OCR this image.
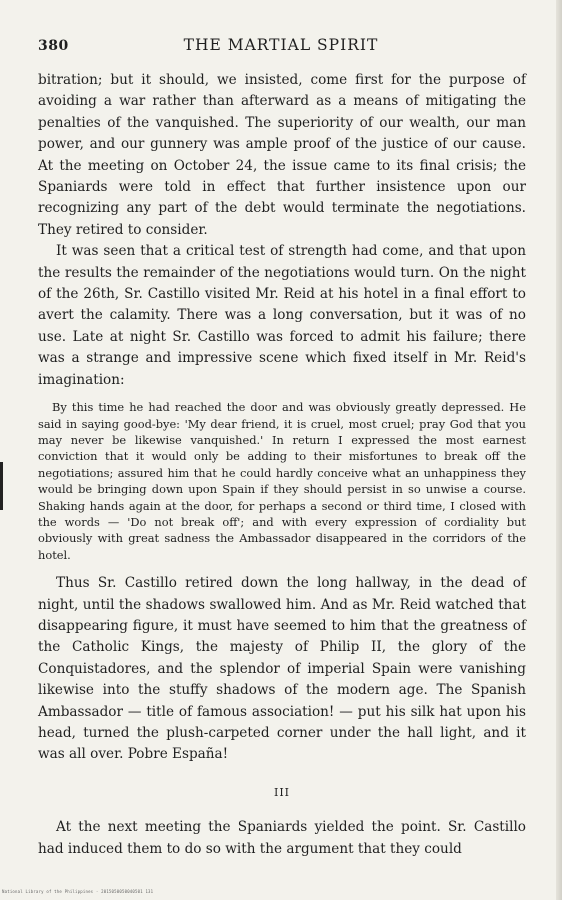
380	THE MARTIAL SPIRIT

bitration; but it should, we insisted, come first for the purpose of avoiding a war rather than afterward as a means of mitigating the penalties of the vanquished. The superiority of our wealth, our man power, and our gunnery was ample proof of the justice of our cause. At the meeting on October 24, the issue came to its final crisis; the Spaniards were told in effect that further insistence upon our recognizing any part of the debt would terminate the negotiations. They retired to consider.

It was seen that a critical test of strength had come, and that upon the results the remainder of the negotiations would turn. On the night of the 26th, Sr. Castillo visited Mr. Reid at his hotel in a final effort to avert the calamity. There was a long conversation, but it was of no use. Late at night Sr. Castillo was forced to admit his failure; there was a strange and impressive scene which fixed itself in Mr. Reid's imagination:

By this time he had reached the door and was obviously greatly depressed. He said in saying good-bye: 'My dear friend, it is cruel, most cruel; pray God that you may never be likewise vanquished.' In return I expressed the most earnest conviction that it would only be adding to their misfortunes to break off the negotiations; assured him that he could hardly conceive what an unhappiness they would be bringing down upon Spain if they should persist in so unwise a course. Shaking hands again at the door, for perhaps a second or third time, I closed with the words — 'Do not break off'; and with every expression of cordiality but obviously with great sadness the Ambassador disappeared in the corridors of the hotel.

Thus Sr. Castillo retired down the long hallway, in the dead of night, until the shadows swallowed him. And as Mr. Reid watched that disappearing figure, it must have seemed to him that the greatness of the Catholic Kings, the majesty of Philip II, the glory of the Conquistadores, and the splendor of imperial Spain were vanishing likewise into the stuffy shadows of the modern age. The Spanish Ambassador — title of famous association! — put his silk hat upon his head, turned the plush-carpeted corner under the hall light, and it was all over. Pobre España!

III

At the next meeting the Spaniards yielded the point. Sr. Castillo had induced them to do so with the argument that they could

National Library of the Philippines · 2015050050040501 131
